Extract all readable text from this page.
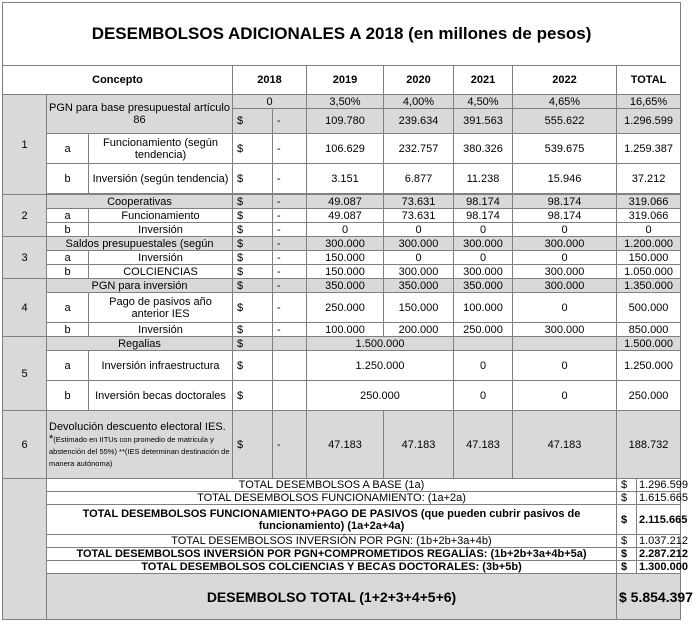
DESEMBOLSOS ADICIONALES A 2018 (en millones de pesos)										
Concepto			2018		2019	2020	2021	2022	TOTAL	
1	PGN para base presupuestal artículo 86		0		3,50%	4,00%	4,50%	4,65%	16,65%	
			$	-	109.780	239.634	391.563	555.622	1.296.599	
	a	Funcionamiento (según tendencia)	$	-	106.629	232.757	380.326	539.675	1.259.387	
	b	Inversión (según tendencia)	$	-	3.151	6.877	11.238	15.946	37.212	

2	Cooperativas		$	-	49.087	73.631	98.174	98.174	319.066	
	a	Funcionamiento	$	-	49.087	73.631	98.174	98.174	319.066	
	b	Inversión	$	-	0	0	0	0	0	
3	Saldos presupuestales (según		$	-	300.000	300.000	300.000	300.000	1.200.000	
	a	Inversión	$	-	150.000	0	0	0	150.000	
	b	COLCIENCIAS	$	-	150.000	300.000	300.000	300.000	1.050.000	
4	PGN para inversión		$	-	350.000	350.000	350.000	300.000	1.350.000	
	a	Pago de pasivos año anterior IES	$	-	250.000	150.000	100.000	0	500.000	
	b	Inversión	$	-	100.000	200.000	250.000	300.000	850.000	
5	Regalias		$		1.500.000				1.500.000	
	a	Inversión infraestructura	$		1.250.000		0	0	1.250.000	
	b	Inversión becas doctorales	$		250.000		0	0	250.000	
6	Devolución descuento electoral IES. *(Estimado en IITUs con promedio de matricula y abstención del 55%) **(IES determinan destinación de manera autónoma)		$	-	47.183	47.183	47.183	47.183	188.732	
	TOTAL DESEMBOLSOS A BASE (1a)								$	1.296.599
	TOTAL DESEMBOLSOS FUNCIONAMIENTO: (1a+2a)								$	1.615.665
	TOTAL DESEMBOLSOS FUNCIONAMIENTO+PAGO DE PASIVOS (que pueden cubrir pasivos de funcionamiento) (1a+2a+4a)								$	2.115.665
	TOTAL DESEMBOLSOS INVERSIÓN POR PGN: (1b+2b+3a+4b)								$	1.037.212
	TOTAL DESEMBOLSOS INVERSIÓN POR PGN+COMPROMETIDOS REGALÍAS: (1b+2b+3a+4b+5a)								$	2.287.212
	TOTAL DESEMBOLSOS COLCIENCIAS Y BECAS DOCTORALES: (3b+5b)								$	1.300.000
	DESEMBOLSO TOTAL (1+2+3+4+5+6)								$ 5.854.397	
